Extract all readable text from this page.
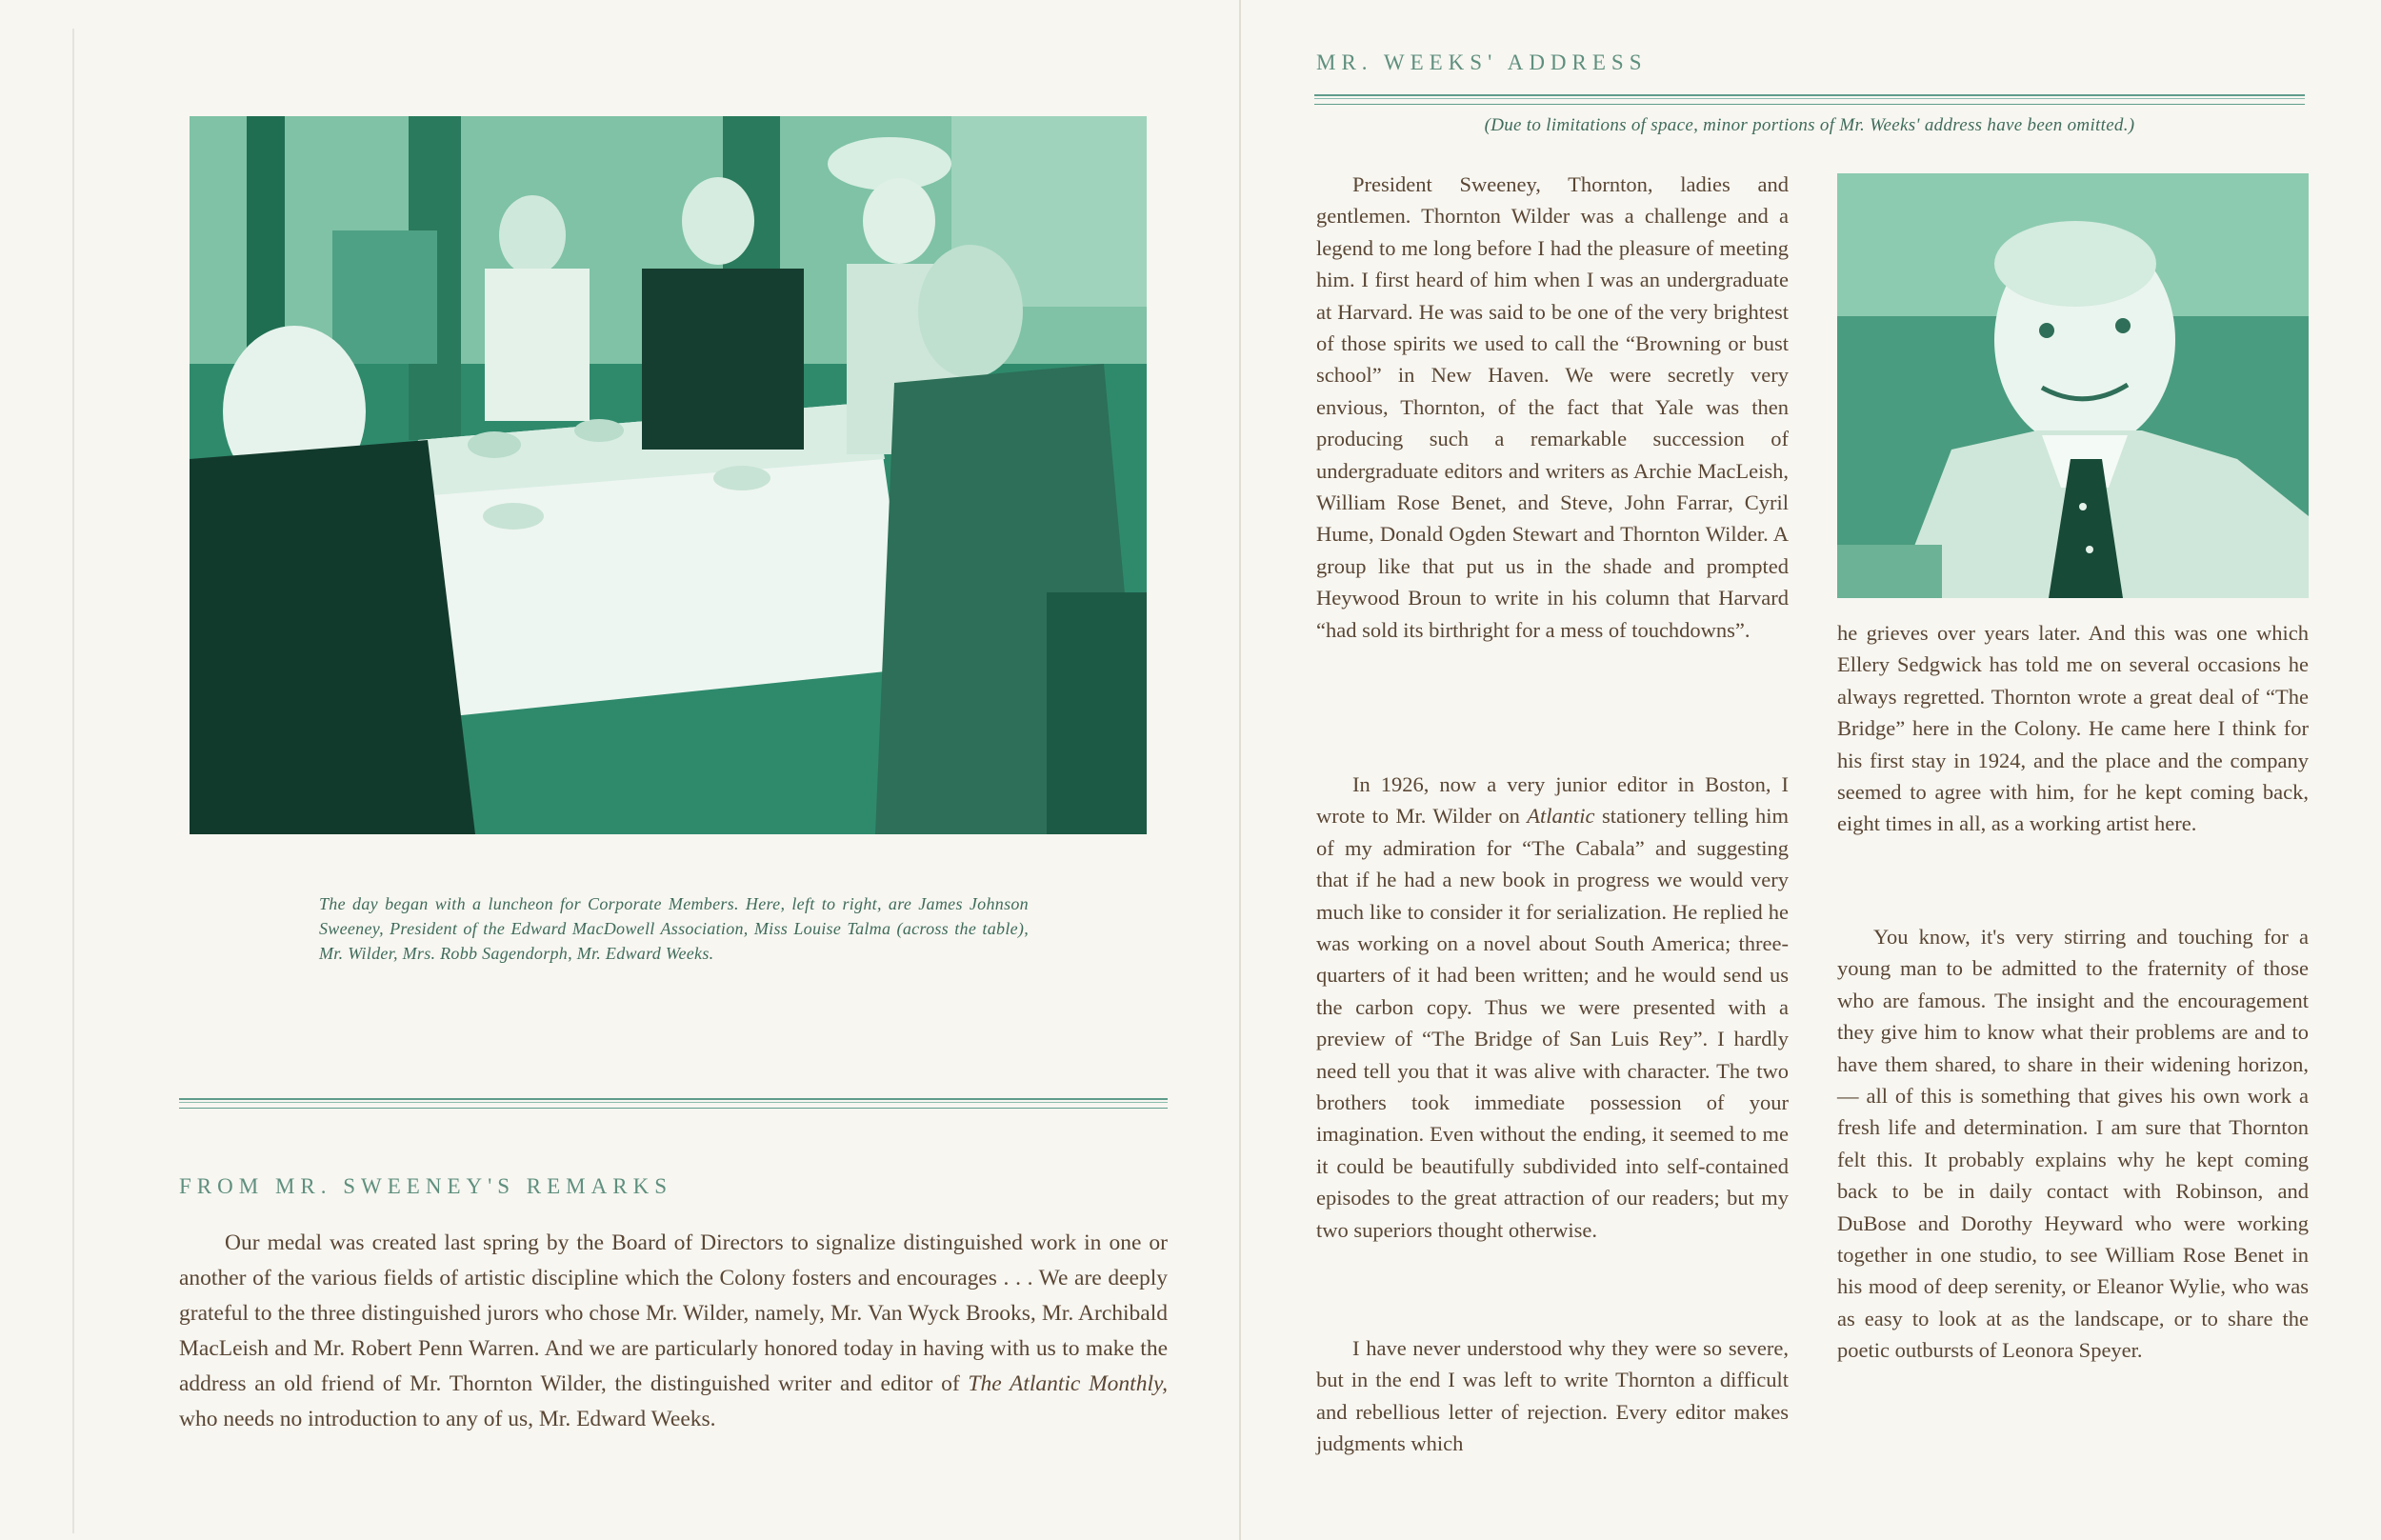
The day began with a luncheon for Corporate Members. Here, left to right, are James Johnson Sweeney, President of the Edward MacDowell Association, Miss Louise Talma (across the table), Mr. Wilder, Mrs. Robb Sagendorph, Mr. Edward Weeks.
FROM MR. SWEENEY'S REMARKS

Our medal was created last spring by the Board of Directors to signalize distinguished work in one or another of the various fields of artistic discipline which the Colony fosters and encourages . . . We are deeply grateful to the three distinguished jurors who chose Mr. Wilder, namely, Mr. Van Wyck Brooks, Mr. Archibald MacLeish and Mr. Robert Penn Warren. And we are particularly honored today in having with us to make the address an old friend of Mr. Thornton Wilder, the distinguished writer and editor of The Atlantic Monthly, who needs no introduction to any of us, Mr. Edward Weeks.

MR. WEEKS' ADDRESS
(Due to limitations of space, minor portions of Mr. Weeks' address have been omitted.)

President Sweeney, Thornton, ladies and gentlemen. Thornton Wilder was a challenge and a legend to me long before I had the pleasure of meeting him. I first heard of him when I was an undergraduate at Harvard. He was said to be one of the very brightest of those spirits we used to call the “Browning or bust school” in New Haven. We were secretly very envious, Thornton, of the fact that Yale was then producing such a remarkable succession of undergraduate editors and writers as Archie MacLeish, William Rose Benet, and Steve, John Farrar, Cyril Hume, Donald Ogden Stewart and Thornton Wilder. A group like that put us in the shade and prompted Heywood Broun to write in his column that Harvard “had sold its birthright for a mess of touchdowns”.

In 1926, now a very junior editor in Boston, I wrote to Mr. Wilder on Atlantic stationery telling him of my admiration for “The Cabala” and suggesting that if he had a new book in progress we would very much like to consider it for serialization. He replied he was working on a novel about South America; three-quarters of it had been written; and he would send us the carbon copy. Thus we were presented with a preview of “The Bridge of San Luis Rey”. I hardly need tell you that it was alive with character. The two brothers took immediate possession of your imagination. Even without the ending, it seemed to me it could be beautifully subdivided into self-contained episodes to the great attraction of our readers; but my two superiors thought otherwise.

I have never understood why they were so severe, but in the end I was left to write Thornton a difficult and rebellious letter of rejection. Every editor makes judgments which

he grieves over years later. And this was one which Ellery Sedgwick has told me on several occasions he always regretted. Thornton wrote a great deal of “The Bridge” here in the Colony. He came here I think for his first stay in 1924, and the place and the company seemed to agree with him, for he kept coming back, eight times in all, as a working artist here.

You know, it's very stirring and touching for a young man to be admitted to the fraternity of those who are famous. The insight and the encouragement they give him to know what their problems are and to have them shared, to share in their widening horizon, — all of this is something that gives his own work a fresh life and determination. I am sure that Thornton felt this. It probably explains why he kept coming back to be in daily contact with Robinson, and DuBose and Dorothy Heyward who were working together in one studio, to see William Rose Benet in his mood of deep serenity, or Eleanor Wylie, who was as easy to look at as the landscape, or to share the poetic outbursts of Leonora Speyer.
